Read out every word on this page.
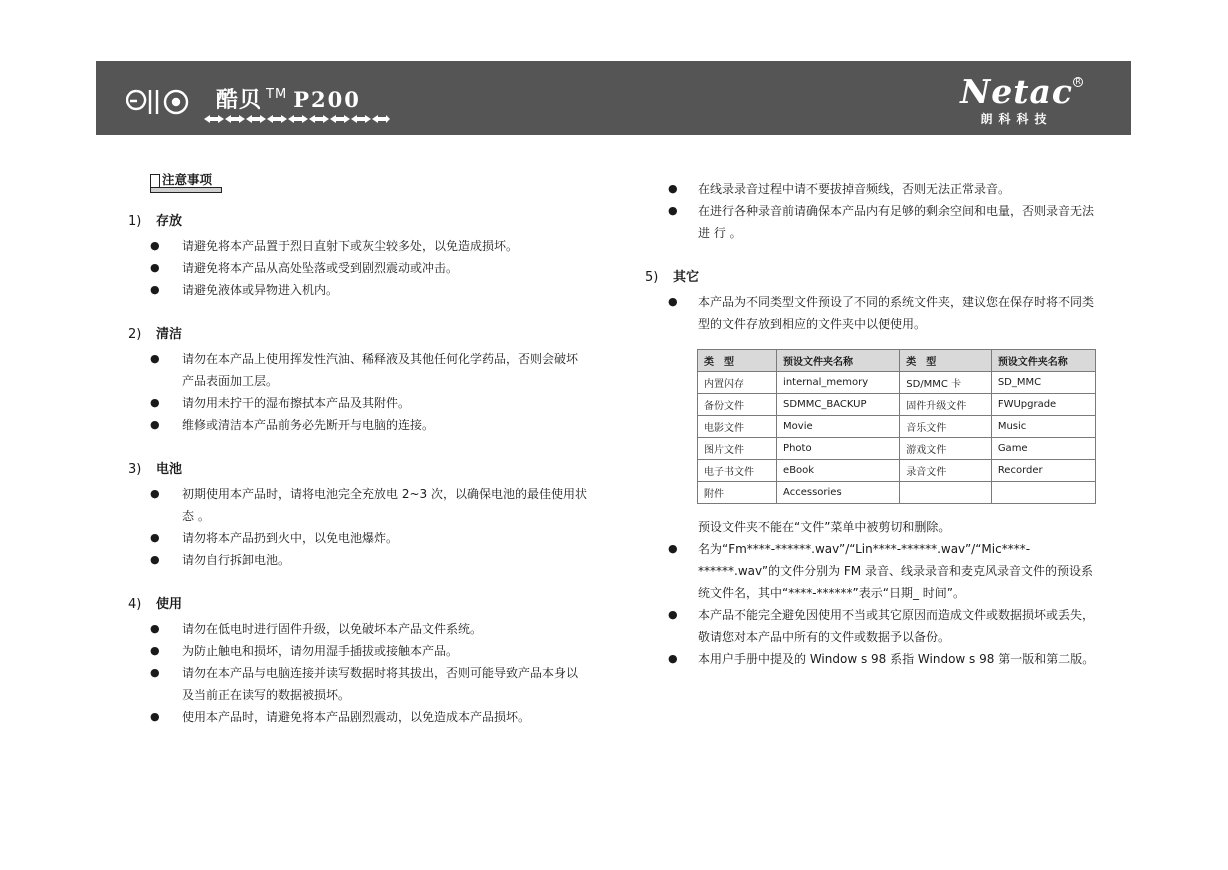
酷贝 ™ P200	Netac
朗科科技
R
注意事项
1) 存放
● 请避免将本产品置于烈日直射下或灰尘较多处，以免造成损坏。
● 请避免将本产品从高处坠落或受到剧烈震动或冲击。
● 请避免液体或异物进入机内。
2) 清洁
● 请勿在本产品上使用挥发性汽油、稀释液及其他任何化学药品，否则会破坏产品表面加工层。
● 请勿用未拧干的湿布擦拭本产品及其附件。
● 维修或清洁本产品前务必先断开与电脑的连接。
3) 电池
● 初期使用本产品时，请将电池完全充放电 2~3 次，以确保电池的最佳使用状 态 。
● 请勿将本产品扔到火中，以免电池爆炸。
● 请勿自行拆卸电池。
4) 使用
● 请勿在低电时进行固件升级，以免破坏本产品文件系统。
● 为防止触电和损坏，请勿用湿手插拔或接触本产品。
● 请勿在本产品与电脑连接并读写数据时将其拔出，否则可能导致产品本身以及当前正在读写的数据被损坏。
● 使用本产品时，请避免将本产品剧烈震动，以免造成本产品损坏。
● 在线录录音过程中请不要拔掉音频线，否则无法正常录音。
● 在进行各种录音前请确保本产品内有足够的剩余空间和电量，否则录音无法进 行 。
5) 其它
● 本产品为不同类型文件预设了不同的系统文件夹，建议您在保存时将不同类型的文件存放到相应的文件夹中以便使用。
类　型	预设文件夹名称	类　型	预设文件夹名称
内置闪存	internal_memory	SD/MMC 卡	SD_MMC
备份文件	SDMMC_BACKUP	固件升级文件	FWUpgrade
电影文件	Movie	音乐文件	Music
图片文件	Photo	游戏文件	Game
电子书文件	eBook	录音文件	Recorder
附件	Accessories		
预设文件夹不能在“文件”菜单中被剪切和删除。
● 名为“Fm****-******.wav”/“Lin****-******.wav”/“Mic****-******.wav”的文件分别为 FM 录音、线录录音和麦克风录音文件的预设系统文件名，其中“****-******”表示“日期_ 时间”。
● 本产品不能完全避免因使用不当或其它原因而造成文件或数据损坏或丢失，敬请您对本产品中所有的文件或数据予以备份。
● 本用户手册中提及的 Window s 98 系指 Window s 98 第一版和第二版。
